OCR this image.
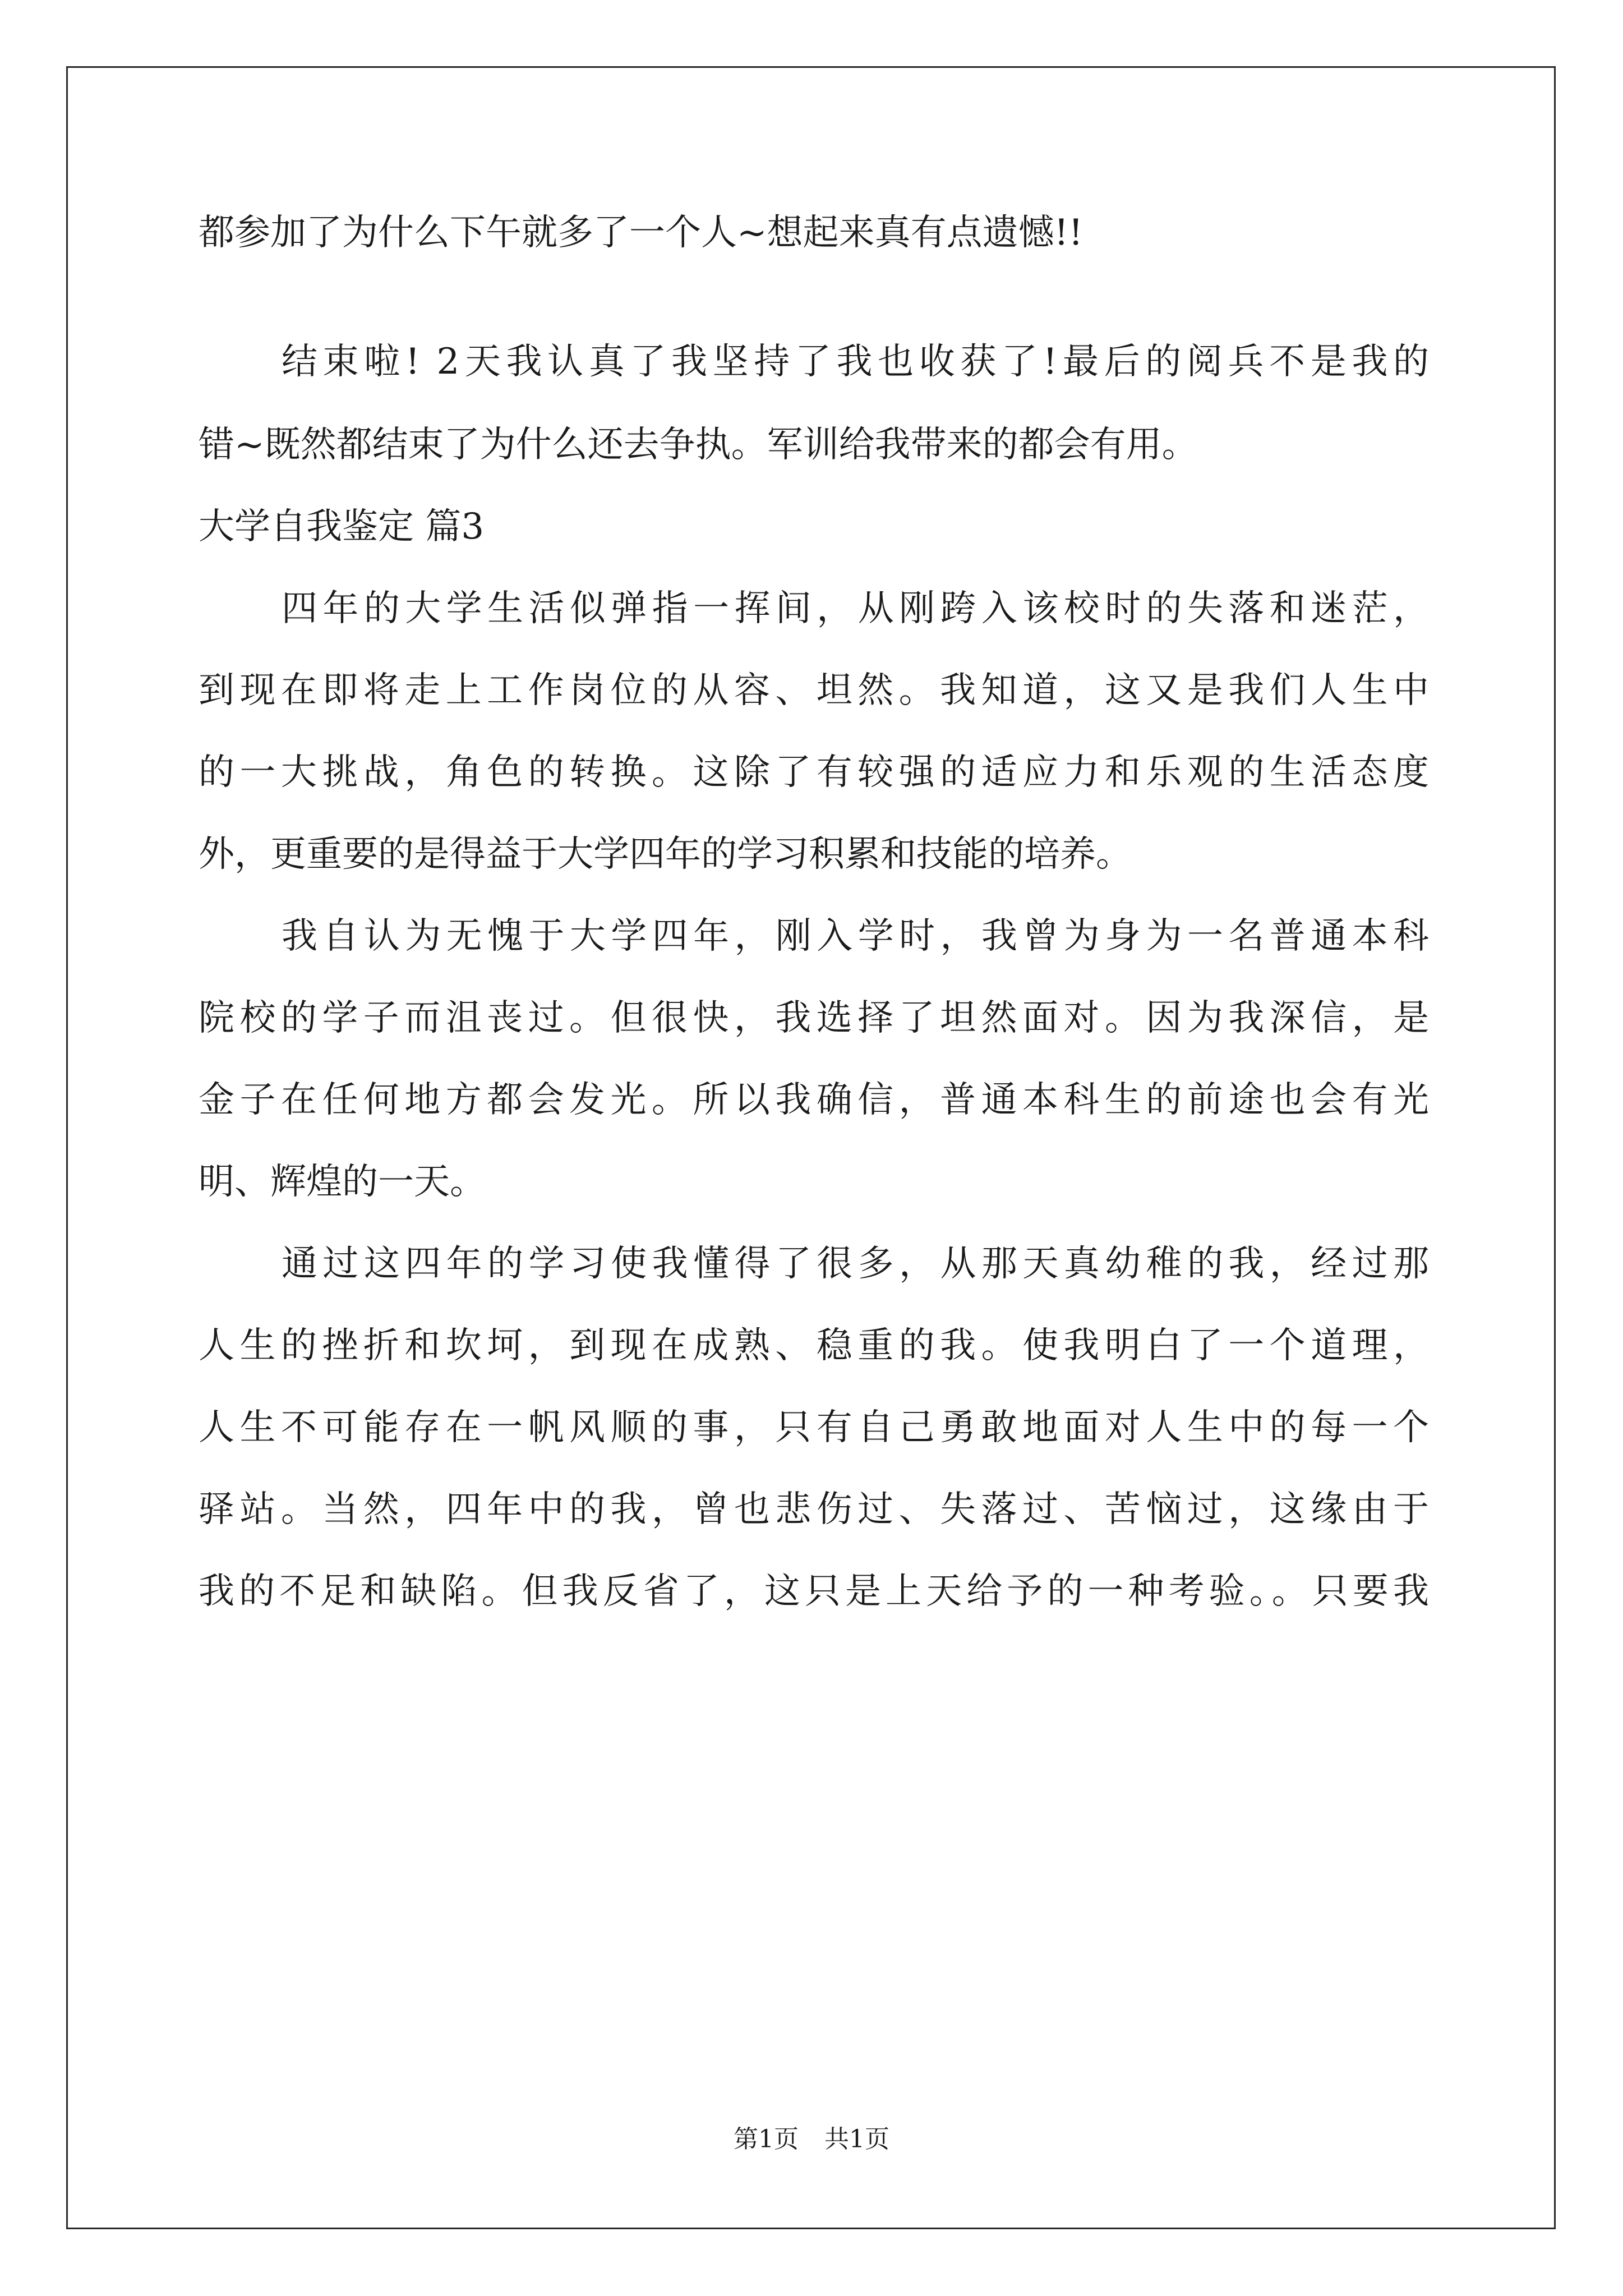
都参加了为什么下午就多了一个人~想起来真有点遗憾!!
结束啦! 2天我认真了我坚持了我也收获了!最后的阅兵不是我的
错~既然都结束了为什么还去争执。军训给我带来的都会有用。
大学自我鉴定 篇3
四年的大学生活似弹指一挥间，从刚跨入该校时的失落和迷茫，
到现在即将走上工作岗位的从容、坦然。我知道，这又是我们人生中
的一大挑战，角色的转换。这除了有较强的适应力和乐观的生活态度
外，更重要的是得益于大学四年的学习积累和技能的培养。
我自认为无愧于大学四年，刚入学时，我曾为身为一名普通本科
院校的学子而沮丧过。但很快，我选择了坦然面对。因为我深信，是
金子在任何地方都会发光。所以我确信，普通本科生的前途也会有光
明、辉煌的一天。
通过这四年的学习使我懂得了很多，从那天真幼稚的我，经过那
人生的挫折和坎坷，到现在成熟、稳重的我。使我明白了一个道理，
人生不可能存在一帆风顺的事，只有自己勇敢地面对人生中的每一个
驿站。当然，四年中的我，曾也悲伤过、失落过、苦恼过，这缘由于
我的不足和缺陷。但我反省了，这只是上天给予的一种考验。。只要我
第1页 共1页
